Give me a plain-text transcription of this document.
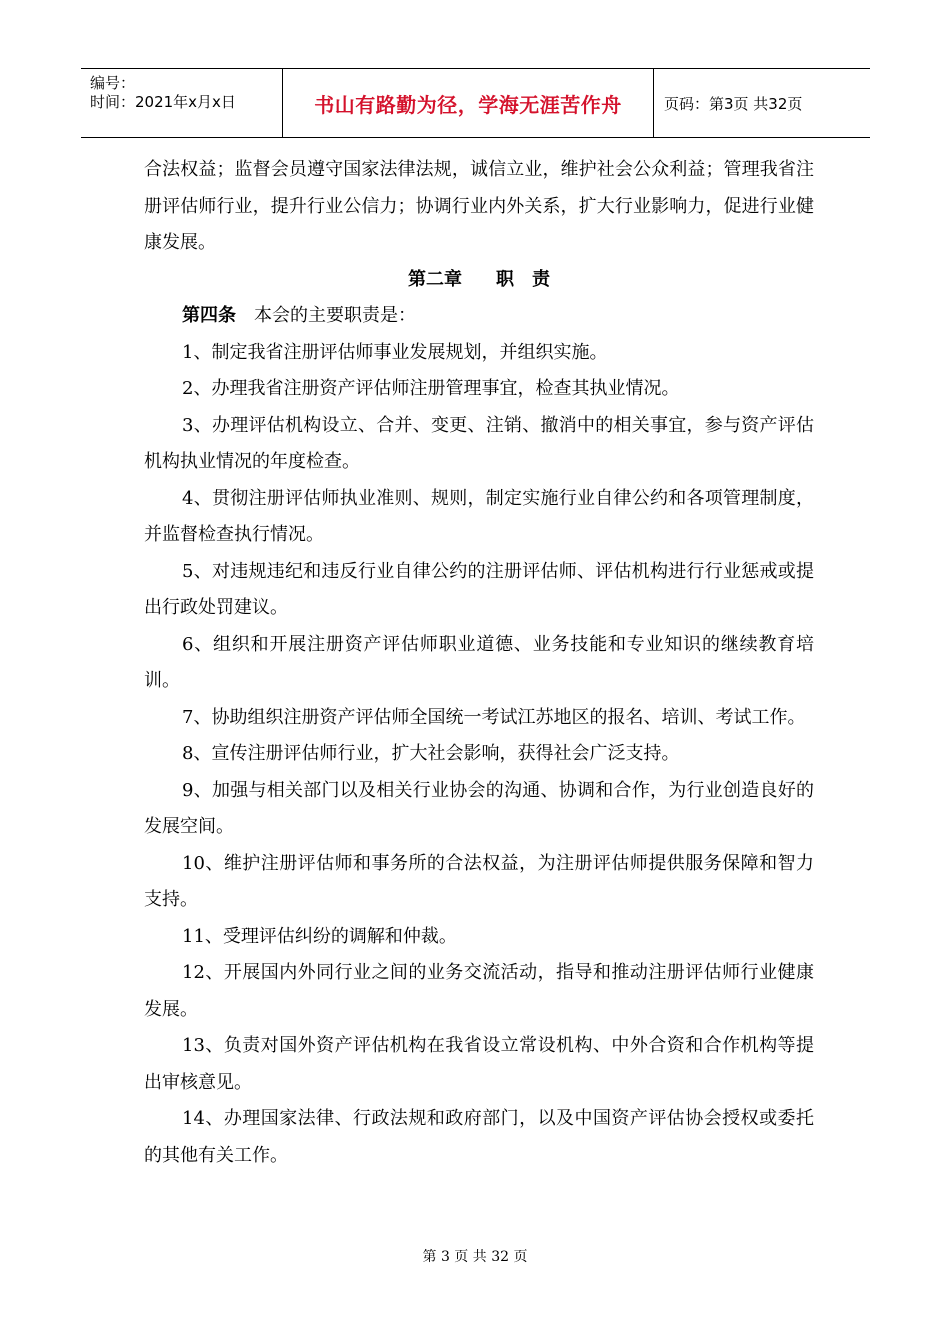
编号：
时间：2021年x月x日	书山有路勤为径，学海无涯苦作舟	页码：第3页 共32页

合法权益；监督会员遵守国家法律法规，诚信立业，维护社会公众利益；管理我省注册评估师行业，提升行业公信力；协调行业内外关系，扩大行业影响力，促进行业健康发展。

第二章 职　责

第四条 本会的主要职责是：

1、制定我省注册评估师事业发展规划，并组织实施。

2、办理我省注册资产评估师注册管理事宜，检查其执业情况。

3、办理评估机构设立、合并、变更、注销、撤消中的相关事宜，参与资产评估机构执业情况的年度检查。

4、贯彻注册评估师执业准则、规则，制定实施行业自律公约和各项管理制度，并监督检查执行情况。

5、对违规违纪和违反行业自律公约的注册评估师、评估机构进行行业惩戒或提出行政处罚建议。

6、组织和开展注册资产评估师职业道德、业务技能和专业知识的继续教育培训。

7、协助组织注册资产评估师全国统一考试江苏地区的报名、培训、考试工作。

8、宣传注册评估师行业，扩大社会影响，获得社会广泛支持。

9、加强与相关部门以及相关行业协会的沟通、协调和合作，为行业创造良好的发展空间。

10、维护注册评估师和事务所的合法权益，为注册评估师提供服务保障和智力支持。

11、受理评估纠纷的调解和仲裁。

12、开展国内外同行业之间的业务交流活动，指导和推动注册评估师行业健康发展。

13、负责对国外资产评估机构在我省设立常设机构、中外合资和合作机构等提出审核意见。

14、办理国家法律、行政法规和政府部门，以及中国资产评估协会授权或委托的其他有关工作。

第 3 页 共 32 页
